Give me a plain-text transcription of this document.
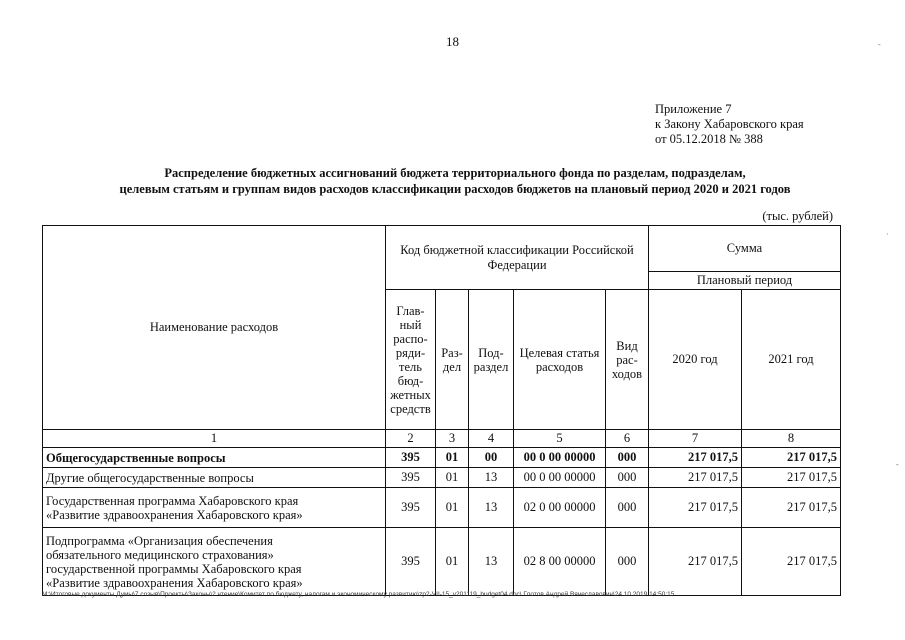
18
Приложение 7
к Закону Хабаровского края
от 05.12.2018 № 388
Распределение бюджетных ассигнований бюджета территориального фонда по разделам, подразделам,
целевым статьям и группам видов расходов классификации расходов бюджетов на плановый период 2020 и 2021 годов
(тыс. рублей)
Наименование расходов	Код бюджетной классификации Российской Федерации					Сумма	
						Плановый период	
	Глав-ный распо-ряди-тель бюд-жетных средств	Раз-дел	Под-раздел	Целевая статья расходов	Вид рас-ходов	2020 год	2021 год
1	2	3	4	5	6	7	8
Общегосударственные вопросы	395	01	00	00 0 00 00000	000	217 017,5	217 017,5
Другие общегосударственные вопросы	395	01	13	00 0 00 00000	000	217 017,5	217 017,5

Государственная программа Хабаровского края
«Развитие здравоохранения Хабаровского края»	395	01	13	02 0 00 00000	000	217 017,5	217 017,5

Подпрограмма «Организация обеспечения
обязательного медицинского страхования»
государственной программы Хабаровского края
«Развитие здравоохранения Хабаровского края»	395	01	13	02 8 00 00000	000	217 017,5	217 017,5
M:\Итоговые документы Думы\7 созыв\Проекты\Законы\2 чтение\Комитет по бюджету, налогам и экономическому развитию\zp2-VII-15_v201119_budget04.doc\ Глотов Андрей Вячеславович\24.10.2019 14:50:15
-
·
-
